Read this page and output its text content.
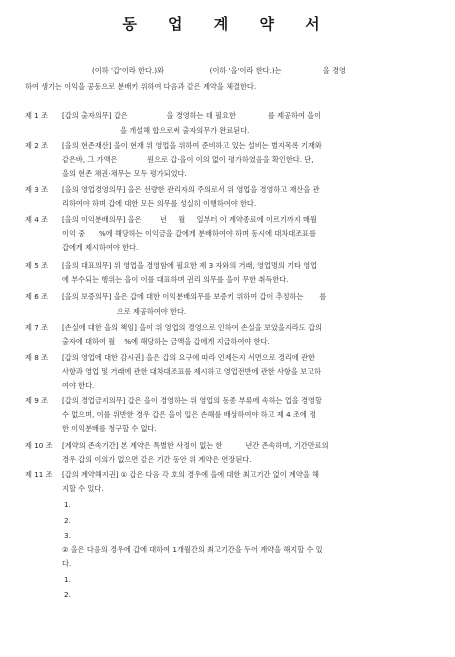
동 업 계 약 서
(이하 '갑'이라 한다.)와                    (이하 '을'이라 한다.)는                  을 경영
하여 생기는 이익을 공동으로 분배키 위하여 다음과 같은 계약을 체결한다.
제 1 조 [갑의 출자의무] 갑은                 을 경영하는 데 필요한              를 제공하여 을이
을 개설해 합으로써 출자의무가 완료된다.
제 2 조 [을의 현존재산] 을이 현재 위 영업을 위하여 준비하고 있는 설비는 별지목록 기재와
같은바, 그 가액은             원으로 갑·을이 이의 없이 평가하였음을 확인한다. 단,
을의 현존 채권·채무는 모두 평가되었다.
제 3 조 [을의 영업경영의무] 을은 선량한 관리자의 주의로서 위 영업을 경영하고 재산을 관
리하여야 하며 갑에 대한 모든 의무를 성실히 이행하여야 한다.
제 4 조 [을의 이익분배의무] 을은        년     월     일부터 이 계약종료에 이르기까지 매월
이익 중      %에 해당하는 이익금을 갑에게 분배하여야 하며 동시에 대차대조표를
갑에게 제시하여야 한다.
제 5 조 [을의 대표의무] 위 영업을 경영함에 필요한 제 3 자와의 거래, 영업명의 기타 영업
에 부수되는 행위는 을이 이를 대표하며 권리 의무를 을이 무한 취득한다.
제 6 조 [을의 보증의무] 을은 갑에 대한 이익분배의무를 보증키 위하여 갑이 추정하는       를
으로 제공하여야 한다.
제 7 조 [손실에 대한 을의 책임] 을이 위 영업의 경영으로 인하여 손실을 보았을지라도 갑의
출자에 대하여 월    %에 해당하는 금액을 갑에게 지급하여야 한다.
제 8 조 [갑의 영업에 대한 감시권] 을은 갑의 요구에 따라 언제든지 서면으로 경리에 관한
사항과 영업 및 거래에 관한 대차대조표를 제시하고 영업전반에 관한 사항을 보고하
여야 한다.
제 9 조 [갑의 경업금지의무] 갑은 을이 경영하는 위 영업의 동종 부류에 속하는 업을 경영할
수 없으며, 이를 위반한 경우 갑은 을이 입은 손해를 배상하여야 하고 제 4 조에 정
한 이익분배를 청구할 수 없다.
제 10 조 [계약의 존속기간] 본 계약은 특별한 사정이 없는 한          년간 존속하며, 기간만료의
경우 갑의 이의가 없으면 같은 기간 동안 위 계약은 연장된다.
제 11 조 [갑의 계약해지권] ① 갑은 다음 각 호의 경우에 을에 대한 최고기간 없이 계약을 해
지할 수 있다.
1.
2.
3.
② 을은 다음의 경우에 갑에 대하여 1개월간의 최고기간을 두어 계약을 해지할 수 있
다.
1.
2.
